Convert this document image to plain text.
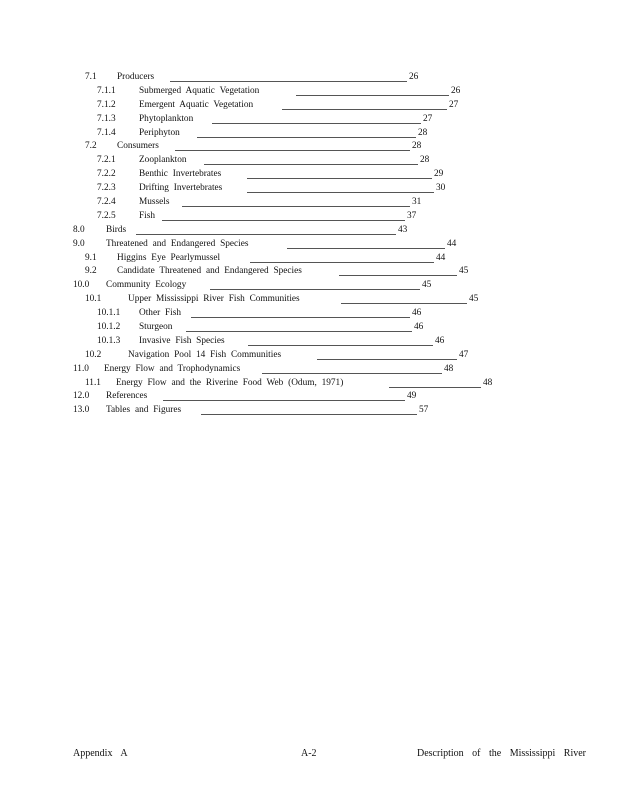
7.1 Producers	26
7.1.1	Submerged Aquatic Vegetation	26
7.1.2	Emergent Aquatic Vegetation	27
7.1.3	Phytoplankton	27
7.1.4	Periphyton	28
7.2 Consumers	28
7.2.1	Zooplankton	28
7.2.2	Benthic Invertebrates	29
7.2.3	Drifting Invertebrates	30
7.2.4	Mussels	31
7.2.5	Fish	37
8.0 Birds	43
9.0 Threatened and Endangered Species	44
9.1 Higgins Eye Pearlymussel	44
9.2 Candidate Threatened and Endangered Species	45
10.0 Community Ecology	45
10.1	Upper Mississippi River Fish Communities	45
10.1.1 Other Fish	46
10.1.2 Sturgeon	46
10.1.3 Invasive Fish Species	46
10.2	Navigation Pool 14 Fish Communities	47
11.0 Energy Flow and Trophodynamics	48
11.1 Energy Flow and the Riverine Food Web (Odum, 1971)	48
12.0 References	49
13.0 Tables and Figures	57
Appendix A	A-2	Description of the Mississippi River
